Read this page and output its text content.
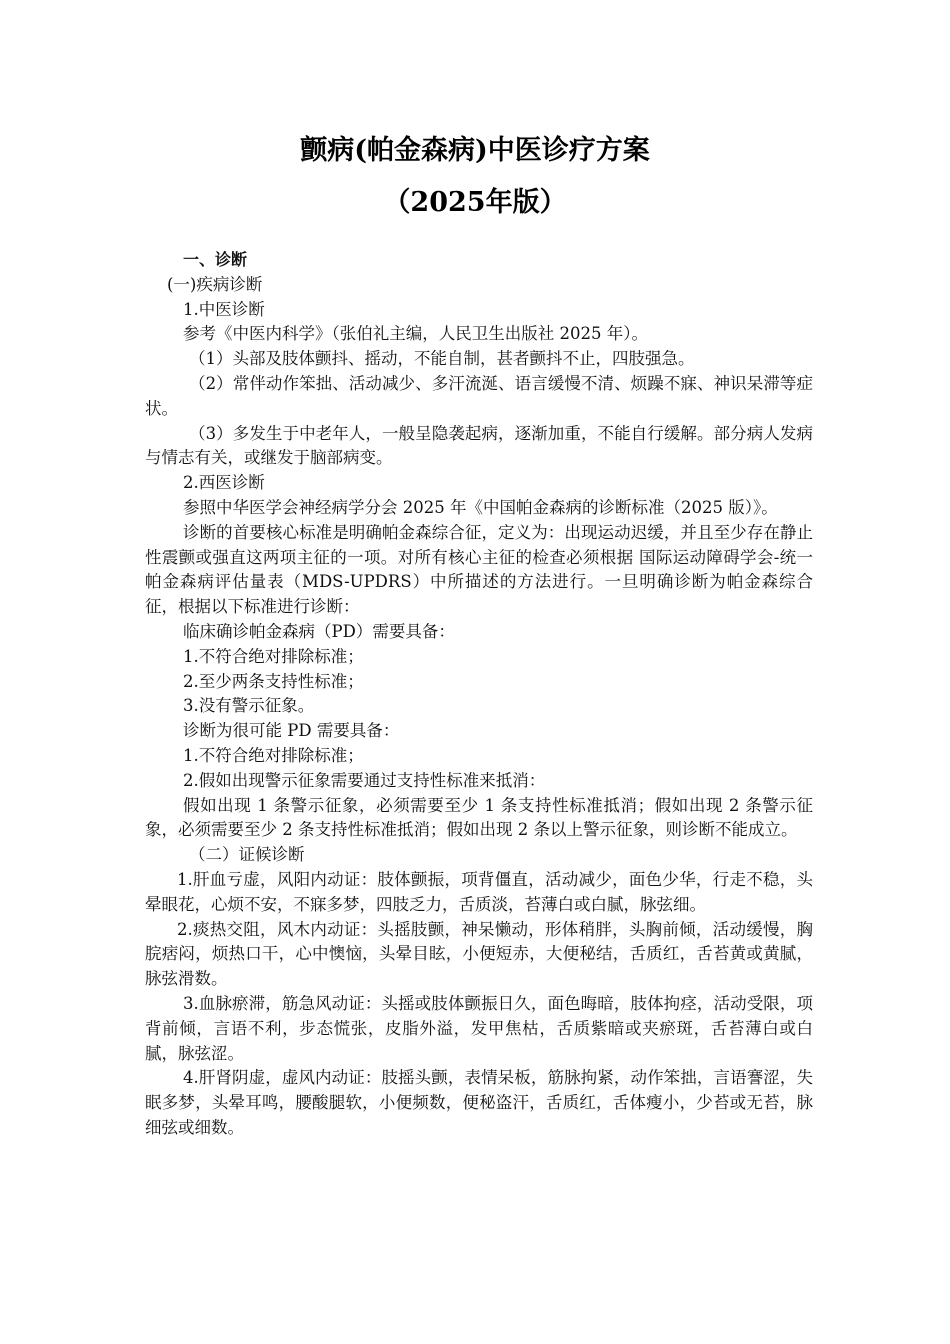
颤病(帕金森病)中医诊疗方案
（2025年版）

一、诊断

(一)疾病诊断

1.中医诊断

参考《中医内科学》（张伯礼主编，人民卫生出版社 2025 年）。

（1）头部及肢体颤抖、摇动，不能自制，甚者颤抖不止，四肢强急。

（2）常伴动作笨拙、活动减少、多汗流涎、语言缓慢不清、烦躁不寐、神识呆滞等症状。

（3）多发生于中老年人，一般呈隐袭起病，逐渐加重，不能自行缓解。部分病人发病与情志有关，或继发于脑部病变。

2.西医诊断

参照中华医学会神经病学分会 2025 年《中国帕金森病的诊断标准（2025 版）》。

诊断的首要核心标准是明确帕金森综合征，定义为：出现运动迟缓，并且至少存在静止性震颤或强直这两项主征的一项。对所有核心主征的检查必须根据 国际运动障碍学会-统一帕金森病评估量表（MDS-UPDRS）中所描述的方法进行。一旦明确诊断为帕金森综合征，根据以下标准进行诊断：

临床确诊帕金森病（PD）需要具备：

1.不符合绝对排除标准；

2.至少两条支持性标准；

3.没有警示征象。

诊断为很可能 PD 需要具备：

1.不符合绝对排除标准；

2.假如出现警示征象需要通过支持性标准来抵消：

假如出现 1 条警示征象，必须需要至少 1 条支持性标准抵消；假如出现 2 条警示征象，必须需要至少 2 条支持性标准抵消；假如出现 2 条以上警示征象，则诊断不能成立。

（二）证候诊断

1.肝血亏虚，风阳内动证：肢体颤振，项背僵直，活动减少，面色少华，行走不稳，头晕眼花，心烦不安，不寐多梦，四肢乏力，舌质淡，苔薄白或白腻，脉弦细。

2.痰热交阻，风木内动证：头摇肢颤，神呆懒动，形体稍胖，头胸前倾，活动缓慢，胸脘痞闷，烦热口干，心中懊恼，头晕目眩，小便短赤，大便秘结，舌质红，舌苔黄或黄腻，脉弦滑数。

3.血脉瘀滞，筋急风动证：头摇或肢体颤振日久，面色晦暗，肢体拘痉，活动受限，项背前倾，言语不利，步态慌张，皮脂外溢，发甲焦枯，舌质紫暗或夹瘀斑，舌苔薄白或白腻，脉弦涩。

4.肝肾阴虚，虚风内动证：肢摇头颤，表情呆板，筋脉拘紧，动作笨拙，言语謇涩，失眠多梦，头晕耳鸣，腰酸腿软，小便频数，便秘盗汗，舌质红，舌体瘦小，少苔或无苔，脉细弦或细数。
